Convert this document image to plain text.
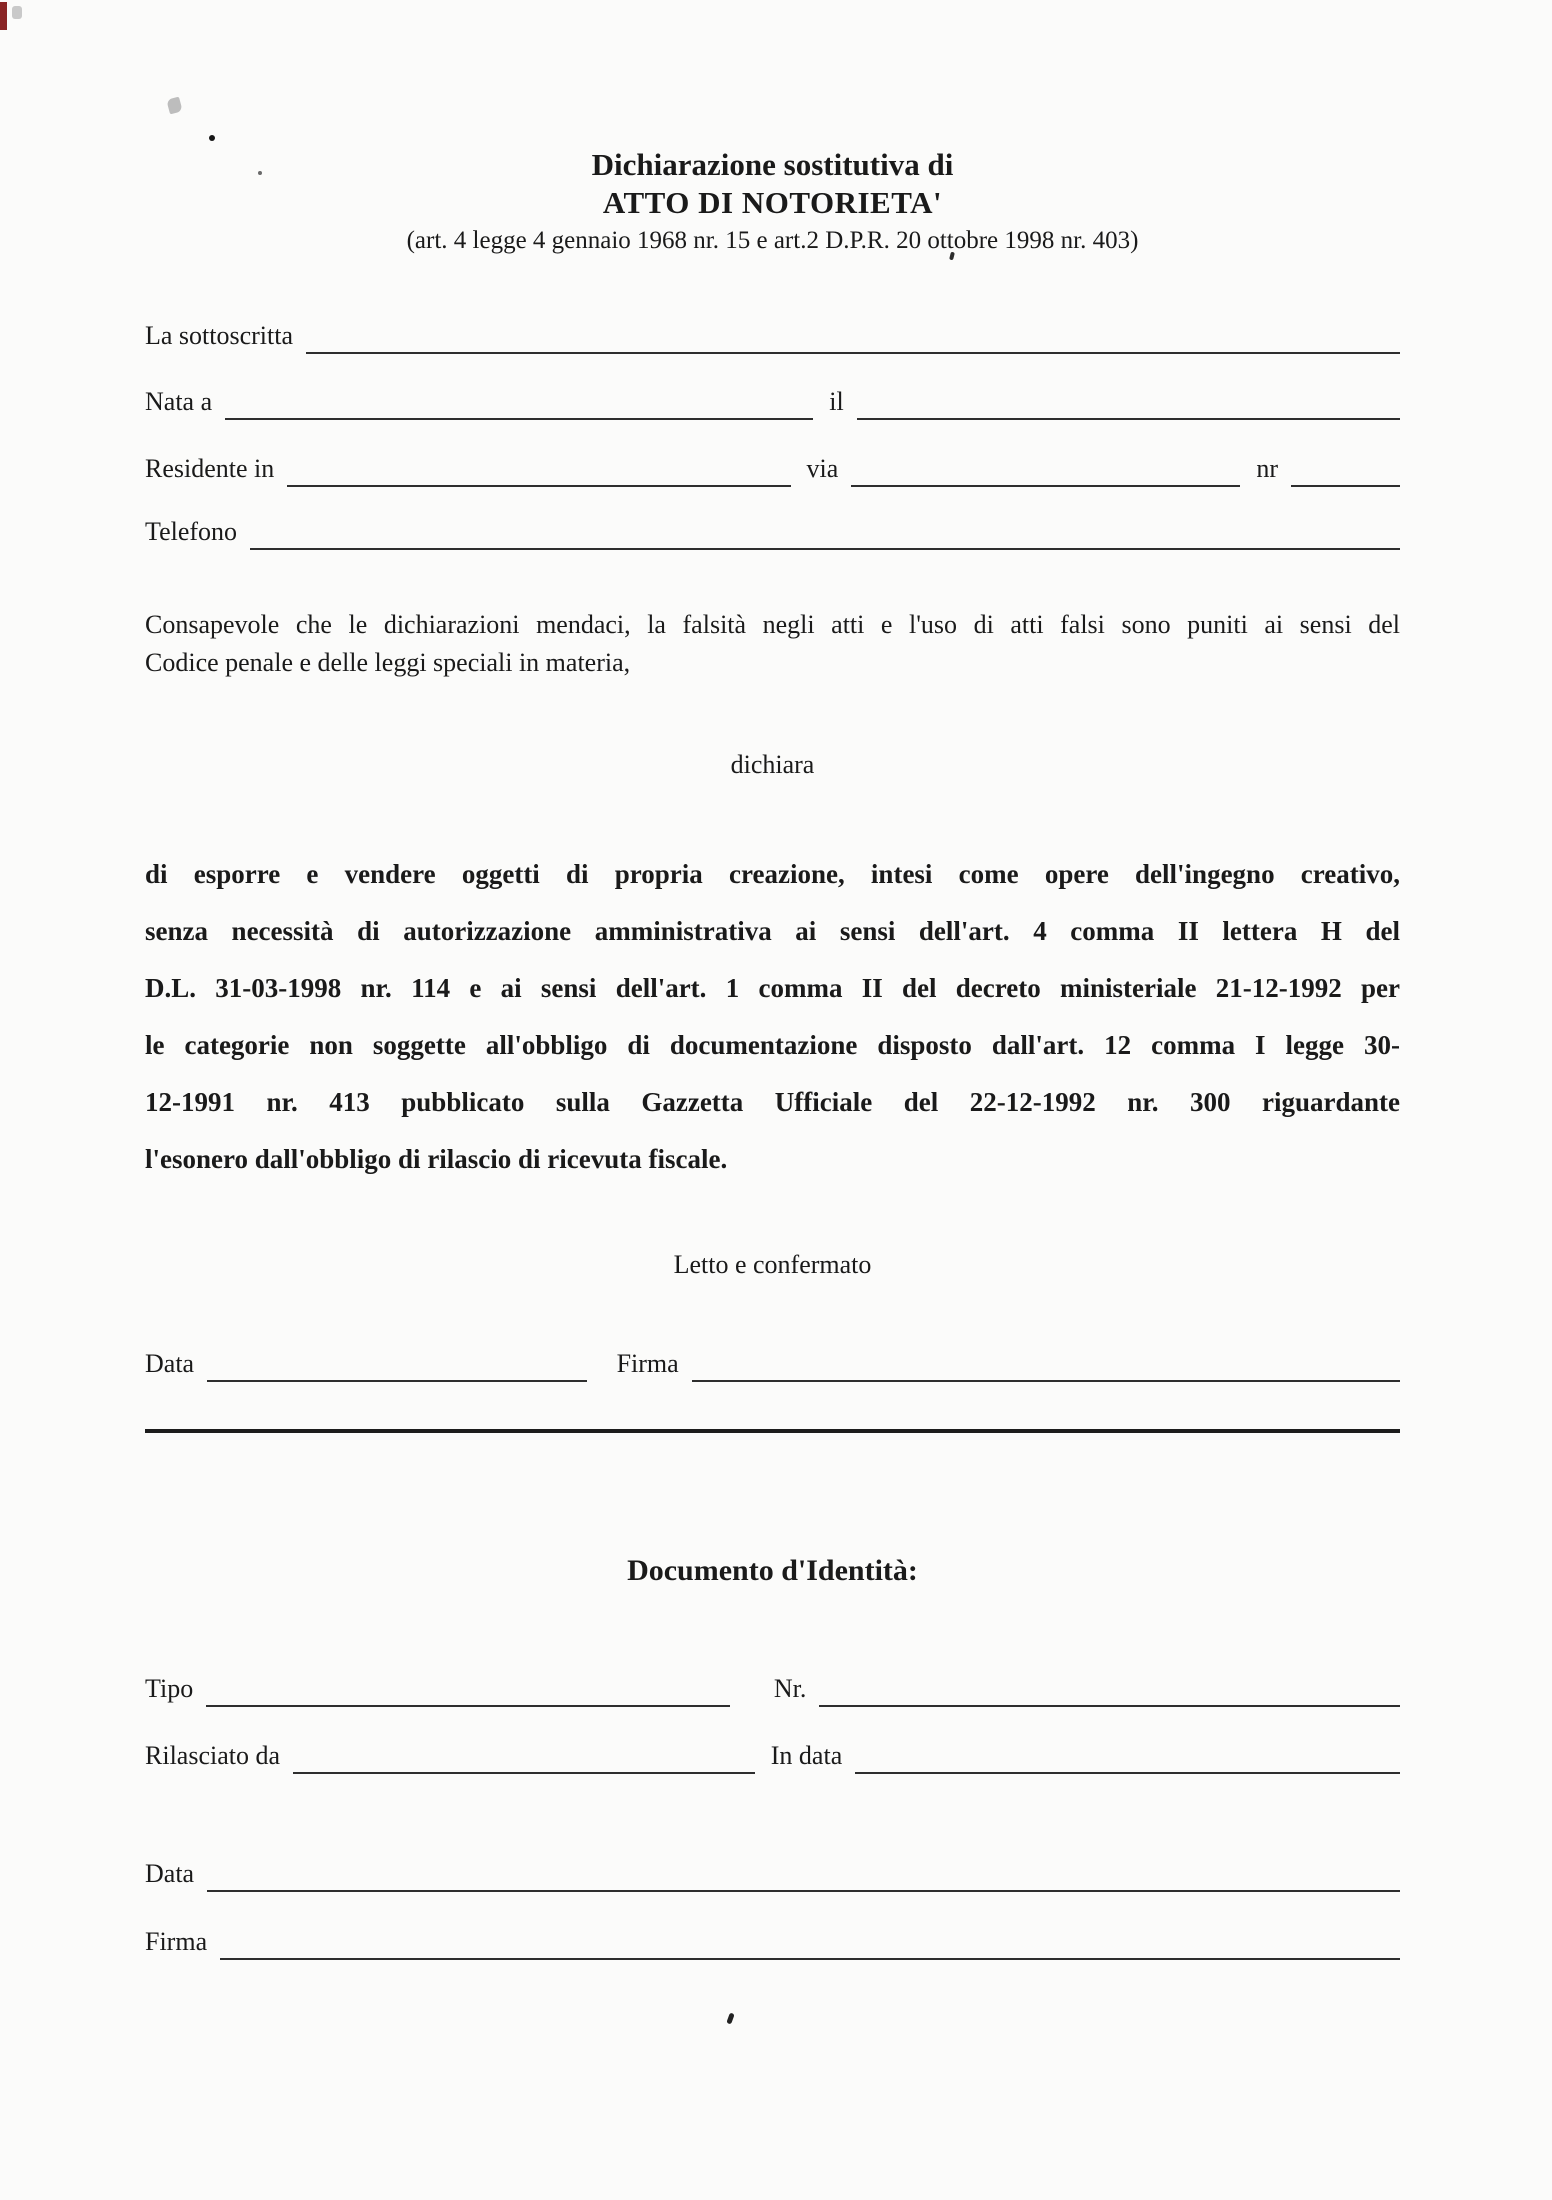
Dichiarazione sostitutiva di
ATTO DI NOTORIETA'
(art. 4 legge 4 gennaio 1968 nr. 15 e art.2 D.P.R. 20 ottobre 1998 nr. 403)
La sottoscritta
Nata a	il
Residente in	via	nr
Telefono
Consapevole che le dichiarazioni mendaci, la falsità negli atti e l'uso di atti falsi sono puniti ai sensi del
Codice penale e delle leggi speciali in materia,
dichiara
di esporre e vendere oggetti di propria creazione, intesi come opere dell'ingegno creativo,
senza necessità di autorizzazione amministrativa ai sensi dell'art. 4 comma II lettera H del
D.L. 31-03-1998 nr. 114 e ai sensi dell'art. 1 comma II del decreto ministeriale 21-12-1992 per
le categorie non soggette all'obbligo di documentazione disposto dall'art. 12 comma I legge 30-
12-1991 nr. 413 pubblicato sulla Gazzetta Ufficiale del 22-12-1992 nr. 300 riguardante
l'esonero dall'obbligo di rilascio di ricevuta fiscale.
Letto e confermato
Data	Firma
Documento d'Identità:
Tipo	Nr.
Rilasciato da	In data
Data
Firma
